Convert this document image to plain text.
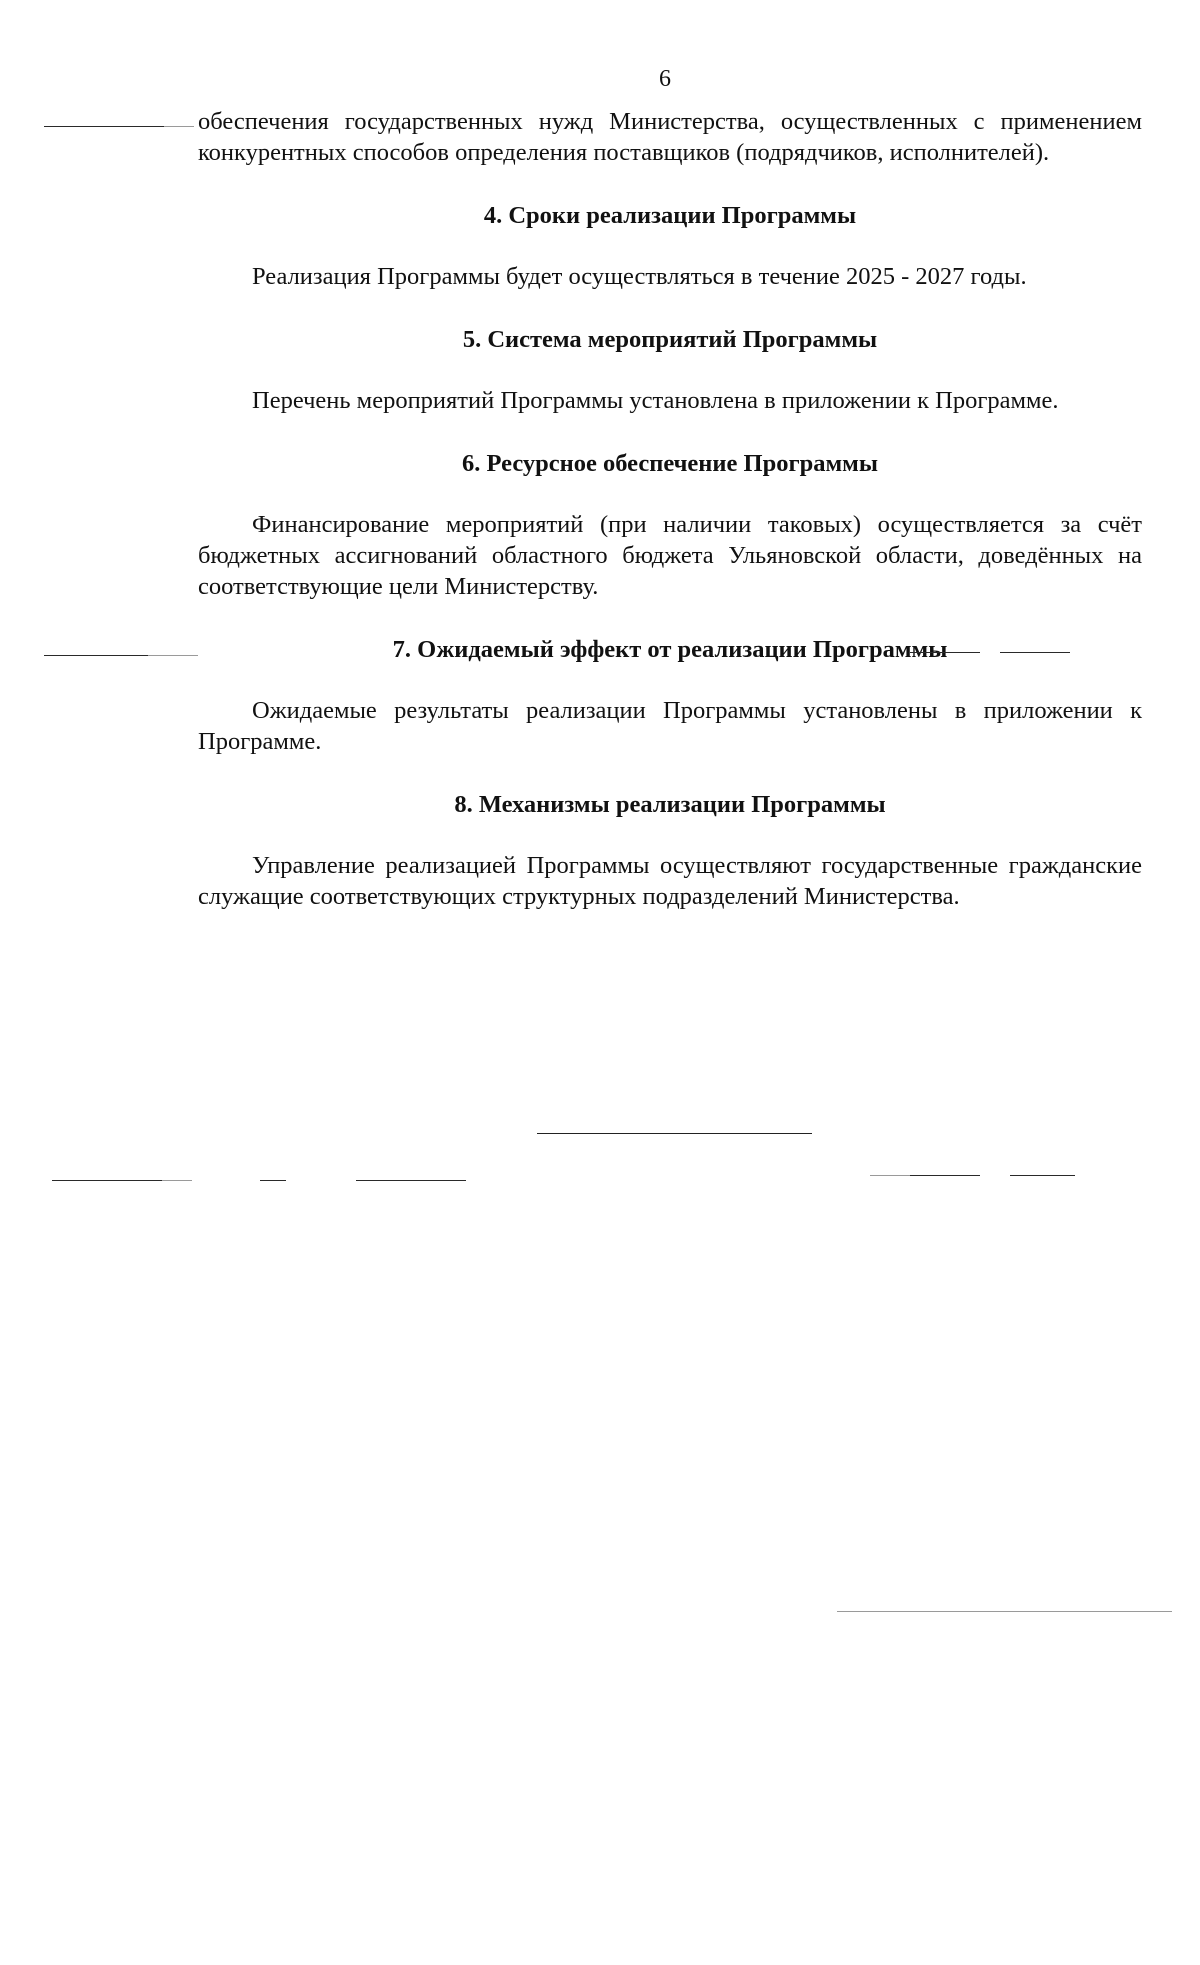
6

обеспечения государственных нужд Министерства, осуществленных с применением конкурентных способов определения поставщиков (подрядчиков, исполнителей).

4. Сроки реализации Программы

Реализация Программы будет осуществляться в течение 2025 - 2027 годы.

5. Система мероприятий Программы

Перечень мероприятий Программы установлена в приложении к Программе.

6. Ресурсное обеспечение Программы

Финансирование мероприятий (при наличии таковых) осуществляется за счёт бюджетных ассигнований областного бюджета Ульяновской области, доведённых на соответствующие цели Министерству.

7. Ожидаемый эффект от реализации Программы

Ожидаемые результаты реализации Программы установлены в приложении к Программе.

8. Механизмы реализации Программы

Управление реализацией Программы осуществляют государственные гражданские служащие соответствующих структурных подразделений Министерства.
